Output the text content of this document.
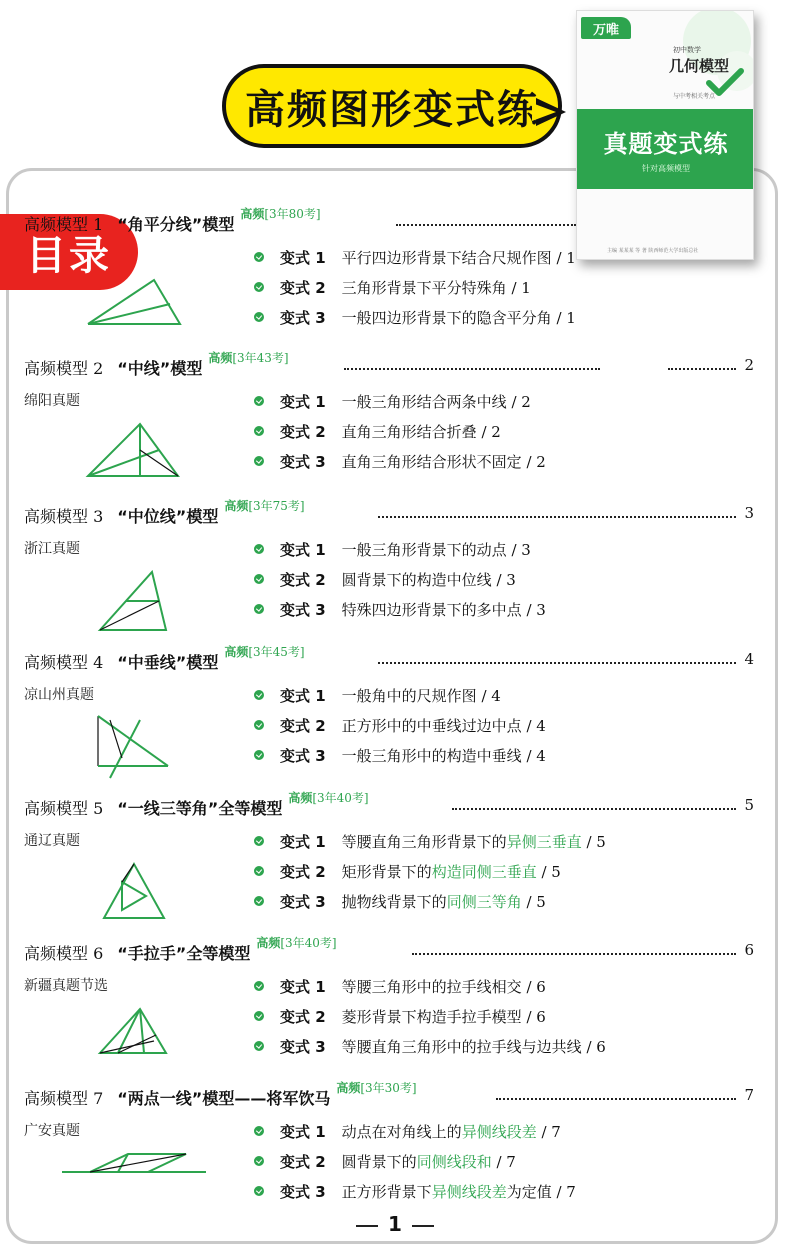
高频图形变式练
万唯
初中数学
几何模型
与中考相关考点
真题变式练
针对高频模型
主编 某某某 等 著 陕西师范大学出版总社
目录
高频模型 1 “角平分线”模型
高频[3年80考]
变式 1 平行四边形背景下结合尺规作图 / 1
变式 2 三角形背景下平分特殊角 / 1
变式 3 一般四边形背景下的隐含平分角 / 1
高频模型 2 “中线”模型
高频[3年43考]	2
绵阳真题	变式 1 一般三角形结合两条中线 / 2
变式 2 直角三角形结合折叠 / 2
变式 3 直角三角形结合形状不固定 / 2
高频模型 3 “中位线”模型
高频[3年75考]	3
浙江真题	变式 1 一般三角形背景下的动点 / 3
变式 2 圆背景下的构造中位线 / 3
变式 3 特殊四边形背景下的多中点 / 3
高频模型 4 “中垂线”模型
高频[3年45考]	4
凉山州真题	变式 1 一般角中的尺规作图 / 4
变式 2 正方形中的中垂线过边中点 / 4
变式 3 一般三角形中的构造中垂线 / 4
高频模型 5 “一线三等角”全等模型
高频[3年40考]	5
通辽真题	变式 1 等腰直角三角形背景下的异侧三垂直 / 5
变式 2 矩形背景下的构造同侧三垂直 / 5
变式 3 抛物线背景下的同侧三等角 / 5
高频模型 6 “手拉手”全等模型
高频[3年40考]	6
新疆真题节选	变式 1 等腰三角形中的拉手线相交 / 6
变式 2 菱形背景下构造手拉手模型 / 6
变式 3 等腰直角三角形中的拉手线与边共线 / 6
高频模型 7 “两点一线”模型——将军饮马
高频[3年30考]	7
广安真题	变式 1 动点在对角线上的异侧线段差 / 7
变式 2 圆背景下的同侧线段和 / 7
变式 3 正方形背景下异侧线段差为定值 / 7
1
